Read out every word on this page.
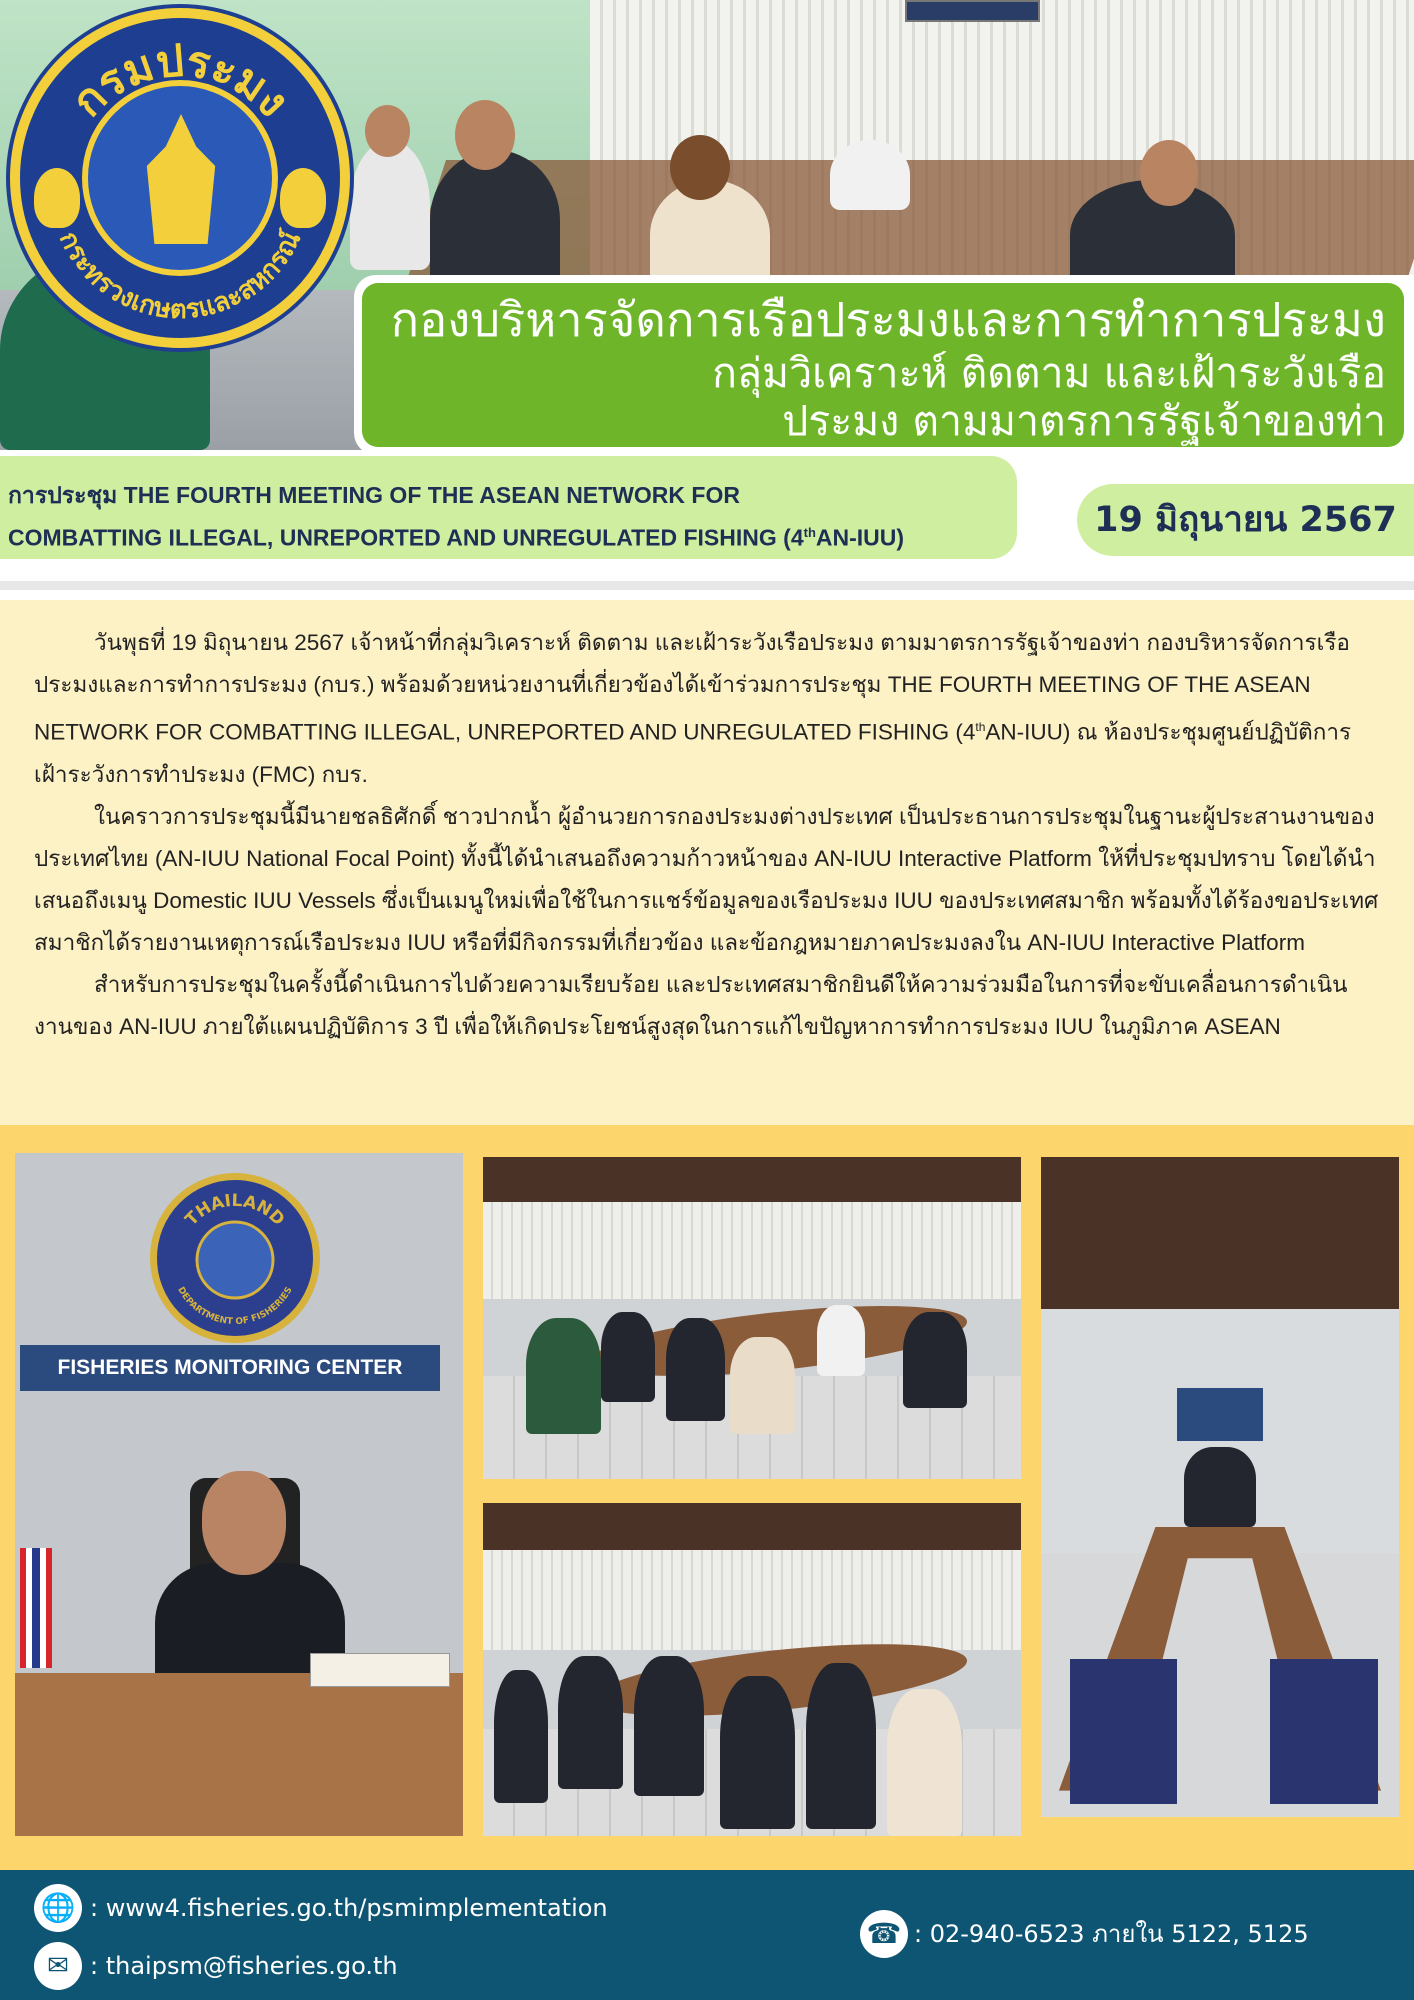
กรมประมง
กระทรวงเกษตรและสหกรณ์
กองบริหารจัดการเรือประมงและการทำการประมง
กลุ่มวิเคราะห์ ติดตาม และเฝ้าระวังเรือ
ประมง ตามมาตรการรัฐเจ้าของท่า
การประชุม THE FOURTH MEETING OF THE ASEAN NETWORK FOR
COMBATTING ILLEGAL, UNREPORTED AND UNREGULATED FISHING (4thAN-IUU)	19 มิถุนายน 2567

วันพุธที่ 19 มิถุนายน 2567 เจ้าหน้าที่กลุ่มวิเคราะห์ ติดตาม และเฝ้าระวังเรือประมง ตามมาตรการรัฐเจ้าของท่า กองบริหารจัดการเรือประมงและการทำการประมง (กบร.) พร้อมด้วยหน่วยงานที่เกี่ยวข้องได้เข้าร่วมการประชุม THE FOURTH MEETING OF THE ASEAN NETWORK FOR COMBATTING ILLEGAL, UNREPORTED AND UNREGULATED FISHING (4thAN-IUU) ณ ห้องประชุมศูนย์ปฏิบัติการเฝ้าระวังการทำประมง (FMC) กบร.

ในคราวการประชุมนี้มีนายชลธิศักดิ์ ชาวปากน้ำ ผู้อำนวยการกองประมงต่างประเทศ เป็นประธานการประชุมในฐานะผู้ประสานงานของประเทศไทย (AN-IUU National Focal Point) ทั้งนี้ได้นำเสนอถึงความก้าวหน้าของ AN-IUU Interactive Platform ให้ที่ประชุมปทราบ โดยได้นำเสนอถึงเมนู Domestic IUU Vessels ซึ่งเป็นเมนูใหม่เพื่อใช้ในการแชร์ข้อมูลของเรือประมง IUU ของประเทศสมาชิก พร้อมทั้งได้ร้องขอประเทศสมาชิกได้รายงานเหตุการณ์เรือประมง IUU หรือที่มีกิจกรรมที่เกี่ยวข้อง และข้อกฎหมายภาคประมงลงใน AN-IUU Interactive Platform

สำหรับการประชุมในครั้งนี้ดำเนินการไปด้วยความเรียบร้อย และประเทศสมาชิกยินดีให้ความร่วมมือในการที่จะขับเคลื่อนการดำเนินงานของ AN-IUU ภายใต้แผนปฏิบัติการ 3 ปี เพื่อให้เกิดประโยชน์สูงสุดในการแก้ไขปัญหาการทำการประมง IUU ในภูมิภาค ASEAN

THAILAND
DEPARTMENT OF FISHERIES
FISHERIES MONITORING CENTER
🌐 : www4.fisheries.go.th/psmimplementation
✉ : thaipsm@fisheries.go.th
☎ : 02-940-6523 ภายใน 5122, 5125
